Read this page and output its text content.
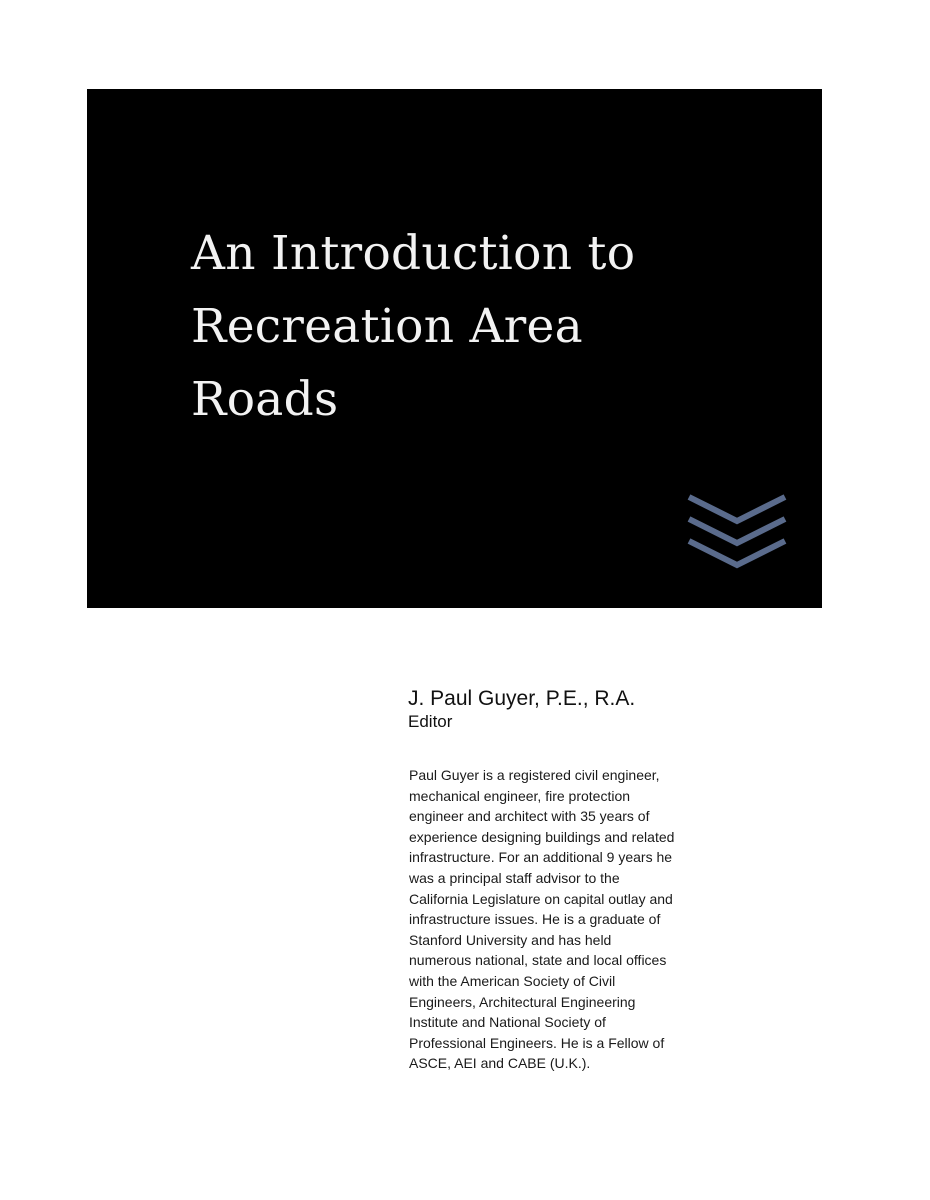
An Introduction to
Recreation Area
Roads
J. Paul Guyer, P.E., R.A.
Editor
Paul Guyer is a registered civil engineer,
mechanical engineer, fire protection
engineer and architect with 35 years of
experience designing buildings and related
infrastructure. For an additional 9 years he
was a principal staff advisor to the
California Legislature on capital outlay and
infrastructure issues. He is a graduate of
Stanford University and has held
numerous national, state and local offices
with the American Society of Civil
Engineers, Architectural Engineering
Institute and National Society of
Professional Engineers. He is a Fellow of
ASCE, AEI and CABE (U.K.).
